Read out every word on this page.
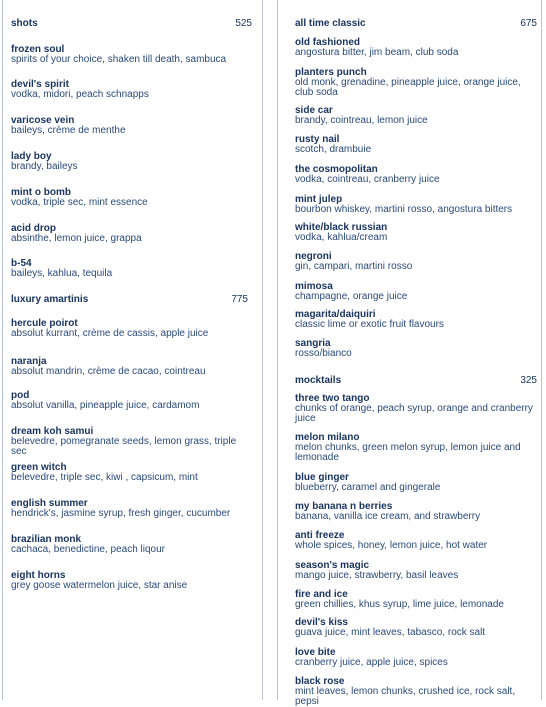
shots	525
frozen soul
spirits of your choice, shaken till death, sambuca
devil's spirit
vodka, midori, peach schnapps
varicose vein
baileys, crème de menthe
lady boy
brandy, baileys
mint o bomb
vodka, triple sec, mint essence
acid drop
absinthe, lemon juice, grappa
b-54
baileys, kahlua, tequila
luxury amartinis	775
hercule poirot
absolut kurrant, crème de cassis, apple juice
naranja
absolut mandrin, crème de cacao, cointreau
pod
absolut vanilla, pineapple juice, cardamom
dream koh samui
belevedre, pomegranate seeds, lemon grass, triple sec
green witch
belevedre, triple sec, kiwi , capsicum, mint
english summer
hendrick's, jasmine syrup, fresh ginger, cucumber
brazilian monk
cachaca, benedictine, peach liqour
eight horns
grey goose watermelon juice, star anise
all time classic	675
old fashioned
angostura bitter, jim beam, club soda
planters punch
old monk, grenadine, pineapple juice, orange juice, club soda
side car
brandy, cointreau, lemon juice
rusty nail
scotch, drambuie
the cosmopolitan
vodka, cointreau, cranberry juice
mint julep
bourbon whiskey, martini rosso, angostura bitters
white/black russian
vodka, kahlua/cream
negroni
gin, campari, martini rosso
mimosa
champagne, orange juice
magarita/daiquiri
classic lime or exotic fruit flavours
sangria
rosso/bianco
mocktails	325
three two tango
chunks of orange, peach syrup, orange and cranberry juice
melon milano
melon chunks, green melon syrup, lemon juice and lemonade
blue ginger
blueberry, caramel and gingerale
my banana n berries
banana, vanilla ice cream, and strawberry
anti freeze
whole spices, honey, lemon juice, hot water
season's magic
mango juice, strawberry, basil leaves
fire and ice
green chillies, khus syrup, lime juice, lemonade
devil's kiss
guava juice, mint leaves, tabasco, rock salt
love bite
cranberry juice, apple juice, spices
black rose
mint leaves, lemon chunks, crushed ice, rock salt, pepsi
